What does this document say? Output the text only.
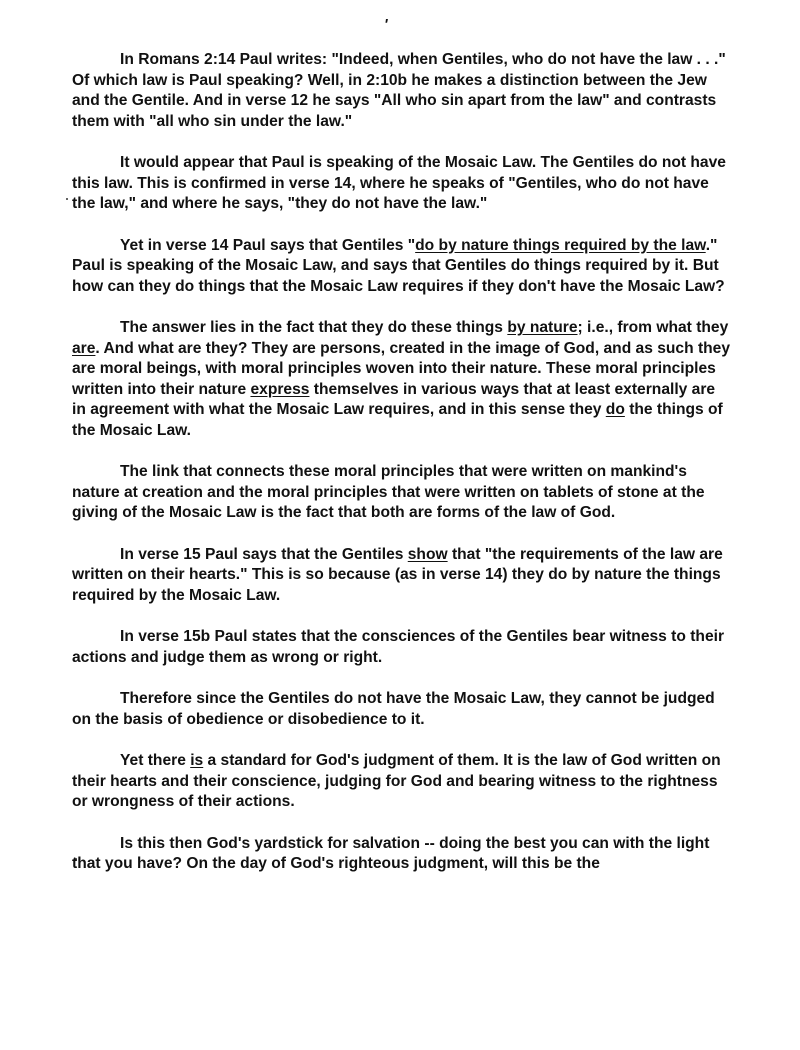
'

In Romans 2:14 Paul writes: "Indeed, when Gentiles, who do not have the law . . ." Of which law is Paul speaking? Well, in 2:10b he makes a distinction between the Jew and the Gentile. And in verse 12 he says "All who sin apart from the law" and contrasts them with "all who sin under the law."

It would appear that Paul is speaking of the Mosaic Law. The Gentiles do not have this law. This is confirmed in verse 14, where he speaks of "Gentiles, who do not have the law," and where he says, "they do not have the law."

Yet in verse 14 Paul says that Gentiles "do by nature things required by the law." Paul is speaking of the Mosaic Law, and says that Gentiles do things required by it. But how can they do things that the Mosaic Law requires if they don't have the Mosaic Law?

The answer lies in the fact that they do these things by nature; i.e., from what they are. And what are they? They are persons, created in the image of God, and as such they are moral beings, with moral principles woven into their nature. These moral principles written into their nature express themselves in various ways that at least externally are in agreement with what the Mosaic Law requires, and in this sense they do the things of the Mosaic Law.

The link that connects these moral principles that were written on mankind's nature at creation and the moral principles that were written on tablets of stone at the giving of the Mosaic Law is the fact that both are forms of the law of God.

In verse 15 Paul says that the Gentiles show that "the requirements of the law are written on their hearts." This is so because (as in verse 14) they do by nature the things required by the Mosaic Law.

In verse 15b Paul states that the consciences of the Gentiles bear witness to their actions and judge them as wrong or right.

Therefore since the Gentiles do not have the Mosaic Law, they cannot be judged on the basis of obedience or disobedience to it.

Yet there is a standard for God's judgment of them. It is the law of God written on their hearts and their conscience, judging for God and bearing witness to the rightness or wrongness of their actions.

Is this then God's yardstick for salvation -- doing the best you can with the light that you have? On the day of God's righteous judgment, will this be the
